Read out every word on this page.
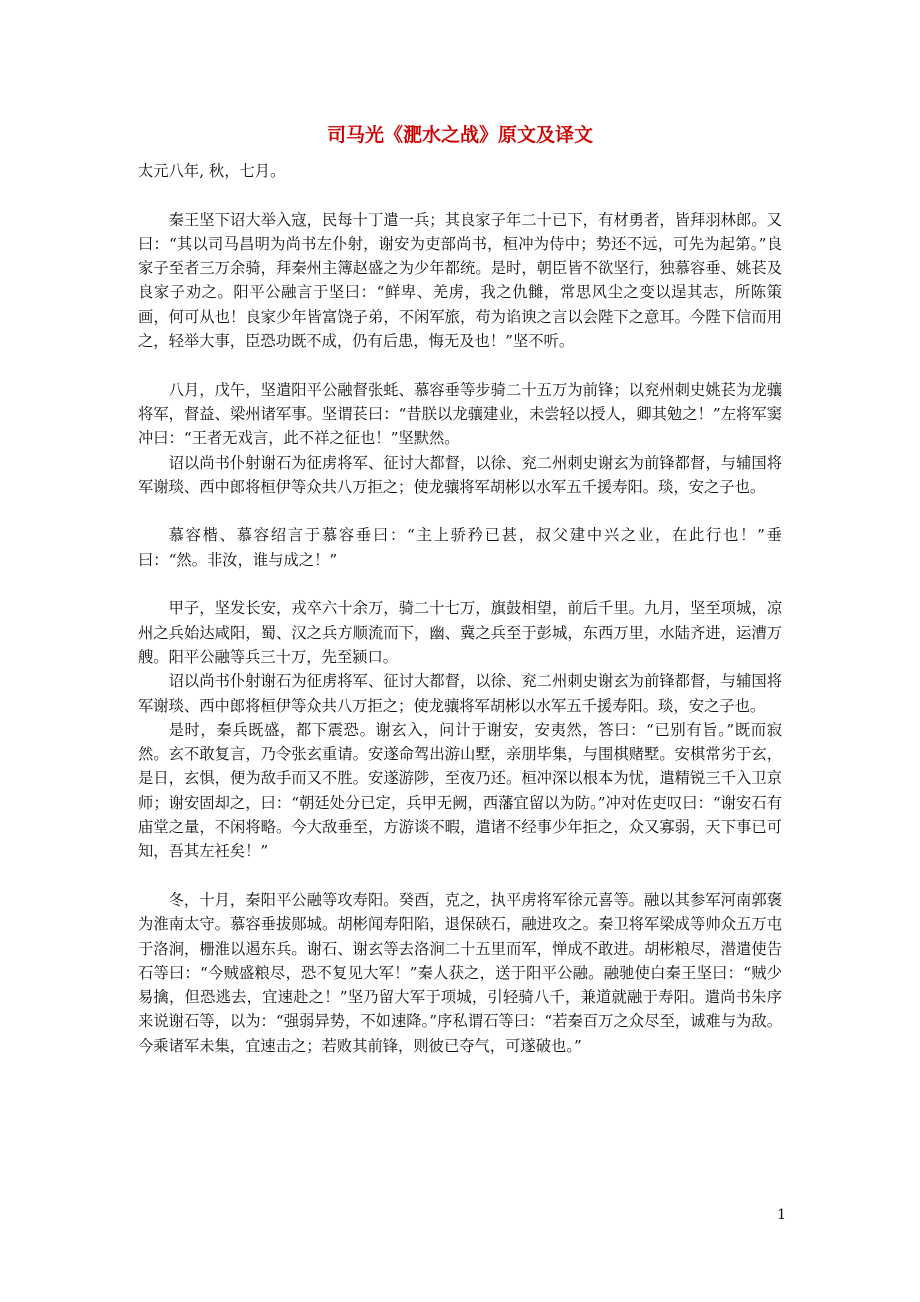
司马光《淝水之战》原文及译文

太元八年, 秋，七月。

秦王坚下诏大举入寇，民每十丁遣一兵；其良家子年二十已下，有材勇者，皆拜羽林郎。又曰：“其以司马昌明为尚书左仆射，谢安为吏部尚书，桓冲为侍中；势还不远，可先为起第。”良家子至者三万余骑，拜秦州主簿赵盛之为少年都统。是时，朝臣皆不欲坚行，独慕容垂、姚苌及良家子劝之。阳平公融言于坚曰：“鲜卑、羌虏，我之仇雠，常思风尘之变以逞其志，所陈策画，何可从也！良家少年皆富饶子弟，不闲军旅，苟为谄谀之言以会陛下之意耳。今陛下信而用之，轻举大事，臣恐功既不成，仍有后患，悔无及也！”坚不听。

八月，戊午，坚遣阳平公融督张蚝、慕容垂等步骑二十五万为前锋；以兖州刺史姚苌为龙骧将军，督益、梁州诸军事。坚谓苌曰：“昔朕以龙骧建业，未尝轻以授人，卿其勉之！”左将军窦冲曰：“王者无戏言，此不祥之征也！”坚默然。

诏以尚书仆射谢石为征虏将军、征讨大都督，以徐、兖二州刺史谢玄为前锋都督，与辅国将军谢琰、西中郎将桓伊等众共八万拒之；使龙骧将军胡彬以水军五千援寿阳。琰，安之子也。

慕容楷、慕容绍言于慕容垂曰：“主上骄矜已甚，叔父建中兴之业，在此行也！”垂曰：“然。非汝，谁与成之！”

甲子，坚发长安，戎卒六十余万，骑二十七万，旗鼓相望，前后千里。九月，坚至项城，凉州之兵始达咸阳，蜀、汉之兵方顺流而下，幽、冀之兵至于彭城，东西万里，水陆齐进，运漕万艘。阳平公融等兵三十万，先至颍口。

诏以尚书仆射谢石为征虏将军、征讨大都督，以徐、兖二州刺史谢玄为前锋都督，与辅国将军谢琰、西中郎将桓伊等众共八万拒之；使龙骧将军胡彬以水军五千援寿阳。琰，安之子也。

是时，秦兵既盛，都下震恐。谢玄入，问计于谢安，安夷然，答曰：“已别有旨。”既而寂然。玄不敢复言，乃令张玄重请。安遂命驾出游山墅，亲朋毕集，与围棋赌墅。安棋常劣于玄，是日，玄惧，便为敌手而又不胜。安遂游陟，至夜乃还。桓冲深以根本为忧，遣精锐三千入卫京师；谢安固却之，曰：“朝廷处分已定，兵甲无阙，西藩宜留以为防。”冲对佐吏叹曰：“谢安石有庙堂之量，不闲将略。今大敌垂至，方游谈不暇，遣诸不经事少年拒之，众又寡弱，天下事已可知，吾其左衽矣！”

冬，十月，秦阳平公融等攻寿阳。癸酉，克之，执平虏将军徐元喜等。融以其参军河南郭褒为淮南太守。慕容垂拔郧城。胡彬闻寿阳陷，退保硖石，融进攻之。秦卫将军梁成等帅众五万屯于洛涧，栅淮以遏东兵。谢石、谢玄等去洛涧二十五里而军，惮成不敢进。胡彬粮尽，潜遣使告石等曰：“今贼盛粮尽，恐不复见大军！”秦人获之，送于阳平公融。融驰使白秦王坚曰：“贼少易擒，但恐逃去，宜速赴之！”坚乃留大军于项城，引轻骑八千，兼道就融于寿阳。遣尚书朱序来说谢石等，以为：“强弱异势，不如速降。”序私谓石等曰：“若秦百万之众尽至，诚难与为敌。今乘诸军未集，宜速击之；若败其前锋，则彼已夺气，可遂破也。”

1
